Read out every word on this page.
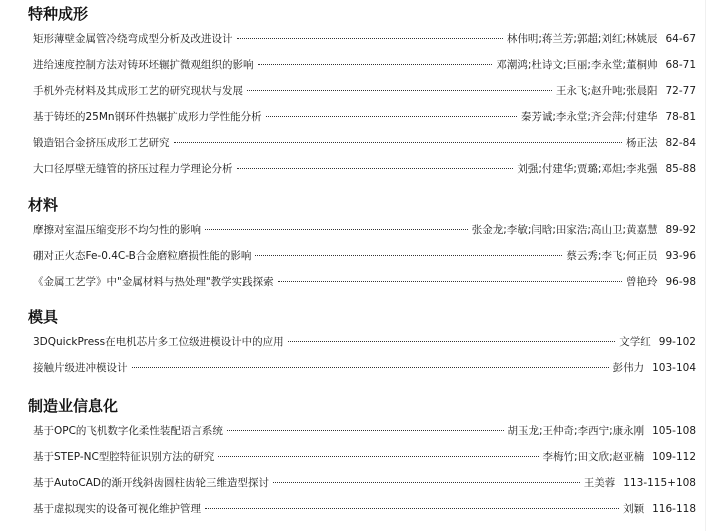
特种成形
矩形薄壁金属管冷绕弯成型分析及改进设计	林伟明;蒋兰芳;郭超;刘红;林姚辰 64-67
进给速度控制方法对铸环坯辗扩微观组织的影响	邓潮鸿;杜诗文;巨丽;李永堂;董桐帅 68-71
手机外壳材料及其成形工艺的研究现状与发展	王永飞;赵升吨;张晨阳 72-77
基于铸坯的25Mn钢环件热辗扩成形力学性能分析	秦芳诚;李永堂;齐会萍;付建华 78-81
锻造铝合金挤压成形工艺研究	杨正法 82-84
大口径厚壁无缝管的挤压过程力学理论分析	刘强;付建华;贾璐;邓炟;李兆强 85-88
材料
摩擦对室温压缩变形不均匀性的影响	张金龙;李敏;闫晗;田家浩;高山卫;黄嘉慧 89-92
硼对正火态Fe-0.4C-B合金磨粒磨损性能的影响	蔡云秀;李飞;何正员 93-96
《金属工艺学》中"金属材料与热处理"教学实践探索	曾艳玲 96-98
模具
3DQuickPress在电机芯片多工位级进模设计中的应用	文学红 99-102
接触片级进冲模设计	彭伟力 103-104
制造业信息化
基于OPC的飞机数字化柔性装配语言系统	胡玉龙;王仲奇;李西宁;康永刚 105-108
基于STEP-NC型腔特征识别方法的研究	李梅竹;田文欣;赵亚楠 109-112
基于AutoCAD的渐开线斜齿圆柱齿轮三维造型探讨	王美蓉 113-115+108
基于虚拟现实的设备可视化维护管理	刘颖 116-118
